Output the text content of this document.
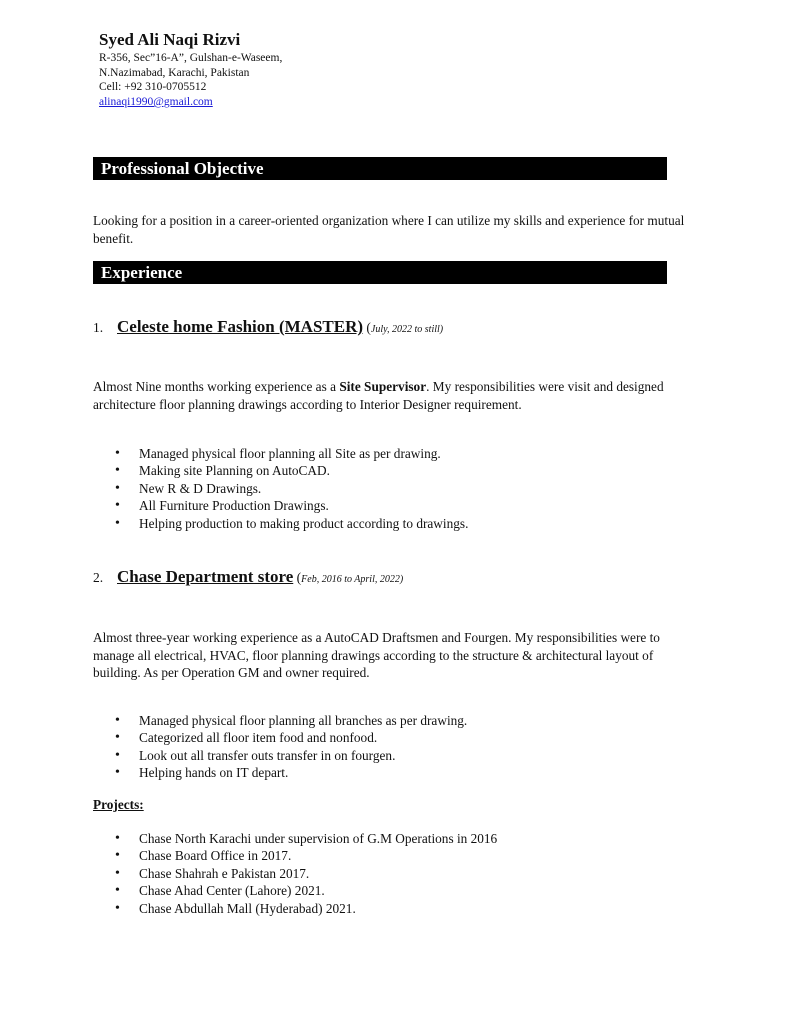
Syed Ali Naqi Rizvi
R-356, Sec”16-A”, Gulshan-e-Waseem,
N.Nazimabad, Karachi, Pakistan
Cell: +92 310-0705512
alinaqi1990@gmail.com
Professional Objective
Looking for a position in a career-oriented organization where I can utilize my skills and experience for mutual benefit.
Experience
1. Celeste home Fashion (MASTER) (July, 2022 to still)
Almost Nine months working experience as a Site Supervisor. My responsibilities were visit and designed architecture floor planning drawings according to Interior Designer requirement.
• Managed physical floor planning all Site as per drawing.
• Making site Planning on AutoCAD.
• New R & D Drawings.
• All Furniture Production Drawings.
• Helping production to making product according to drawings.
2. Chase Department store (Feb, 2016 to April, 2022)
Almost three-year working experience as a AutoCAD Draftsmen and Fourgen. My responsibilities were to manage all electrical, HVAC, floor planning drawings according to the structure & architectural layout of building. As per Operation GM and owner required.
• Managed physical floor planning all branches as per drawing.
• Categorized all floor item food and nonfood.
• Look out all transfer outs transfer in on fourgen.
• Helping hands on IT depart.
Projects:
• Chase North Karachi under supervision of G.M Operations in 2016
• Chase Board Office in 2017.
• Chase Shahrah e Pakistan 2017.
• Chase Ahad Center (Lahore) 2021.
• Chase Abdullah Mall (Hyderabad) 2021.
